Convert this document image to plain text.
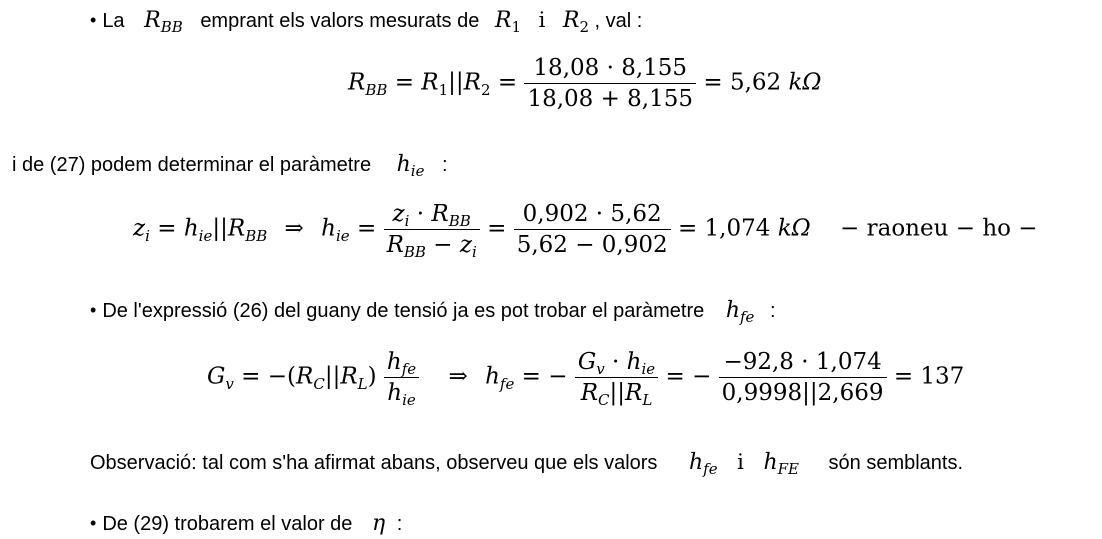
• La $R_{BB}$ emprant els valors mesurats de $R_1$ i $R_2$ , val :
$R_{BB} = R_1||R_2 = \frac{18,08 \cdot 8,155}{18,08 + 8,155} = 5,62$ kΩ
i de (27) podem determinar el paràmetre $h_{ie}$ :
$z_i = h_{ie}||R_{BB}$ ⇒ $h_{ie} = \frac{z_i \cdot R_{BB}}{R_{BB} - z_i} = \frac{0,902 \cdot 5,62}{5,62 - 0,902} = 1,074$ kΩ − raoneu − ho −
• De l'expressió (26) del guany de tensió ja es pot trobar el paràmetre $h_{fe}$ :
$G_v = -(R_C||R_L) \frac{h_{fe}}{h_{ie}}$ ⇒ $h_{fe}$ = − $\frac{G_v \cdot h_{ie}}{R_C||R_L}$ = − $\frac{-92,8 \cdot 1,074}{0,9998||2,669} = 137$
Observació: tal com s'ha afirmat abans, observeu que els valors $h_{fe}$ i $h_{FE}$ són semblants.
• De (29) trobarem el valor de η :
